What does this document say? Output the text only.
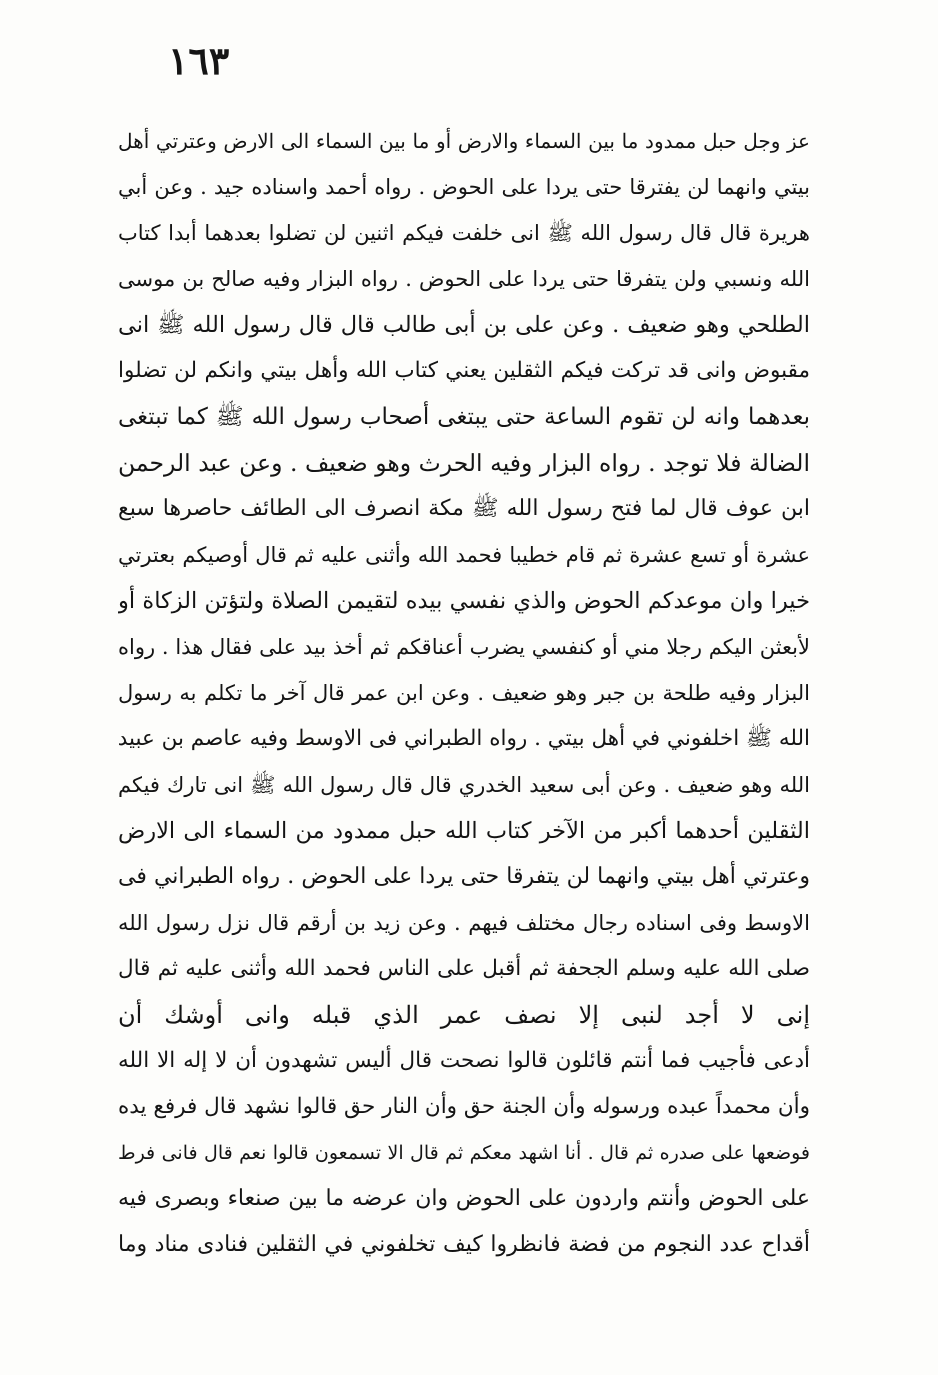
١٦٣
عز وجل حبل ممدود ما بين السماء والارض أو ما بين السماء الى الارض وعترتي أهل
بيتي وانهما لن يفترقا حتى يردا على الحوض . رواه أحمد واسناده جيد . وعن أبي
هريرة قال قال رسول الله ﷺ انى خلفت فيكم اثنين لن تضلوا بعدهما أبدا كتاب
الله ونسبي ولن يتفرقا حتى يردا على الحوض . رواه البزار وفيه صالح بن موسى
الطلحي وهو ضعيف . وعن على بن أبى طالب قال قال رسول الله ﷺ انى
مقبوض وانى قد تركت فيكم الثقلين يعني كتاب الله وأهل بيتي وانكم لن تضلوا
بعدهما وانه لن تقوم الساعة حتى يبتغى أصحاب رسول الله ﷺ كما تبتغى
الضالة فلا توجد . رواه البزار وفيه الحرث وهو ضعيف . وعن عبد الرحمن
ابن عوف قال لما فتح رسول الله ﷺ مكة انصرف الى الطائف حاصرها سبع
عشرة أو تسع عشرة ثم قام خطيبا فحمد الله وأثنى عليه ثم قال أوصيكم بعترتي
خيرا وان موعدكم الحوض والذي نفسي بيده لتقيمن الصلاة ولتؤتن الزكاة أو
لأبعثن اليكم رجلا مني أو كنفسي يضرب أعناقكم ثم أخذ بيد على فقال هذا . رواه
البزار وفيه طلحة بن جبر وهو ضعيف . وعن ابن عمر قال آخر ما تكلم به رسول
الله ﷺ اخلفوني في أهل بيتي . رواه الطبراني فى الاوسط وفيه عاصم بن عبيد
الله وهو ضعيف . وعن أبى سعيد الخدري قال قال رسول الله ﷺ انى تارك فيكم
الثقلين أحدهما أكبر من الآخر كتاب الله حبل ممدود من السماء الى الارض
وعترتي أهل بيتي وانهما لن يتفرقا حتى يردا على الحوض . رواه الطبراني فى
الاوسط وفى اسناده رجال مختلف فيهم . وعن زيد بن أرقم قال نزل رسول الله
صلى الله عليه وسلم الجحفة ثم أقبل على الناس فحمد الله وأثنى عليه ثم قال
إنى لا أجد لنبى إلا نصف عمر الذي قبله وانى أوشك أن
أدعى فأجيب فما أنتم قائلون قالوا نصحت قال أليس تشهدون أن لا إله الا الله
وأن محمداً عبده ورسوله وأن الجنة حق وأن النار حق قالوا نشهد قال فرفع يده
فوضعها على صدره ثم قال . أنا اشهد معكم ثم قال الا تسمعون قالوا نعم قال فانى فرط
على الحوض وأنتم واردون على الحوض وان عرضه ما بين صنعاء وبصرى فيه
أقداح عدد النجوم من فضة فانظروا كيف تخلفوني في الثقلين فنادى مناد وما
